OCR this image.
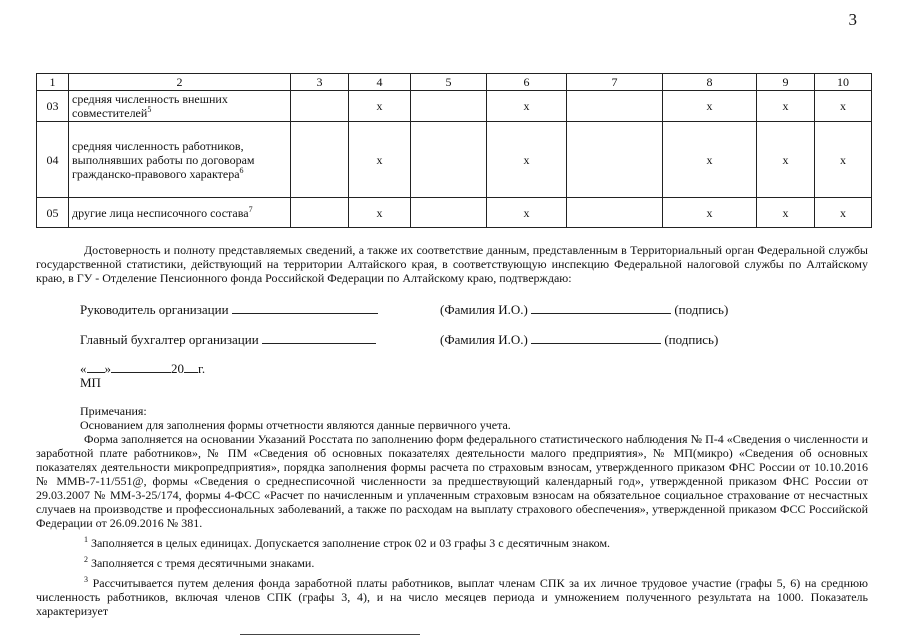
3
1	2	3	4	5	6	7	8	9	10
03	средняя численность внешних совместителей$^5$		x		x		x	x	x
04	средняя численность работников, выполнявших работы по договорам гражданско-правового характера$^6$		x		x		x	x	x
05	другие лица несписочного состава$^7$		x		x		x	x	x

Достоверность и полноту представляемых сведений, а также их соответствие данным, представленным в Территориальный орган Федеральной службы государственной статистики, действующий на территории Алтайского края, в соответствующую инспекцию Федеральной налоговой службы по Алтайскому краю, в ГУ - Отделение Пенсионного фонда Российской Федерации по Алтайскому краю, подтверждаю:

Руководитель организации	(Фамилия И.О.)	(подпись)
Главный бухгалтер организации	(Фамилия И.О.)	(подпись)
« »	20 г.
МП

Примечания:

Основанием для заполнения формы отчетности являются данные первичного учета.

Форма заполняется на основании Указаний Росстата по заполнению форм федерального статистического наблюдения № П-4 «Сведения о численности и заработной плате работников», № ПМ «Сведения об основных показателях деятельности малого предприятия», № МП(микро) «Сведения об основных показателях деятельности микропредприятия», порядка заполнения формы расчета по страховым взносам, утвержденного приказом ФНС России от 10.10.2016 № ММВ-7-11/551@, формы «Сведения о среднесписочной численности за предшествующий календарный год», утвержденной приказом ФНС России от 29.03.2007 № ММ-3-25/174, формы 4-ФСС «Расчет по начисленным и уплаченным страховым взносам на обязательное социальное страхование от несчастных случаев на производстве и профессиональных заболеваний, а также по расходам на выплату страхового обеспечения», утвержденной приказом ФСС Российской Федерации от 26.09.2016 № 381.

$^1$ Заполняется в целых единицах. Допускается заполнение строк 02 и 03 графы 3 с десятичным знаком.

$^2$ Заполняется с тремя десятичными знаками.

$^3$ Рассчитывается путем деления фонда заработной платы работников, выплат членам СПК за их личное трудовое участие (графы 5, 6) на среднюю численность работников, включая членов СПК (графы 3, 4), и на число месяцев периода и умножением полученного результата на 1000. Показатель характеризует
